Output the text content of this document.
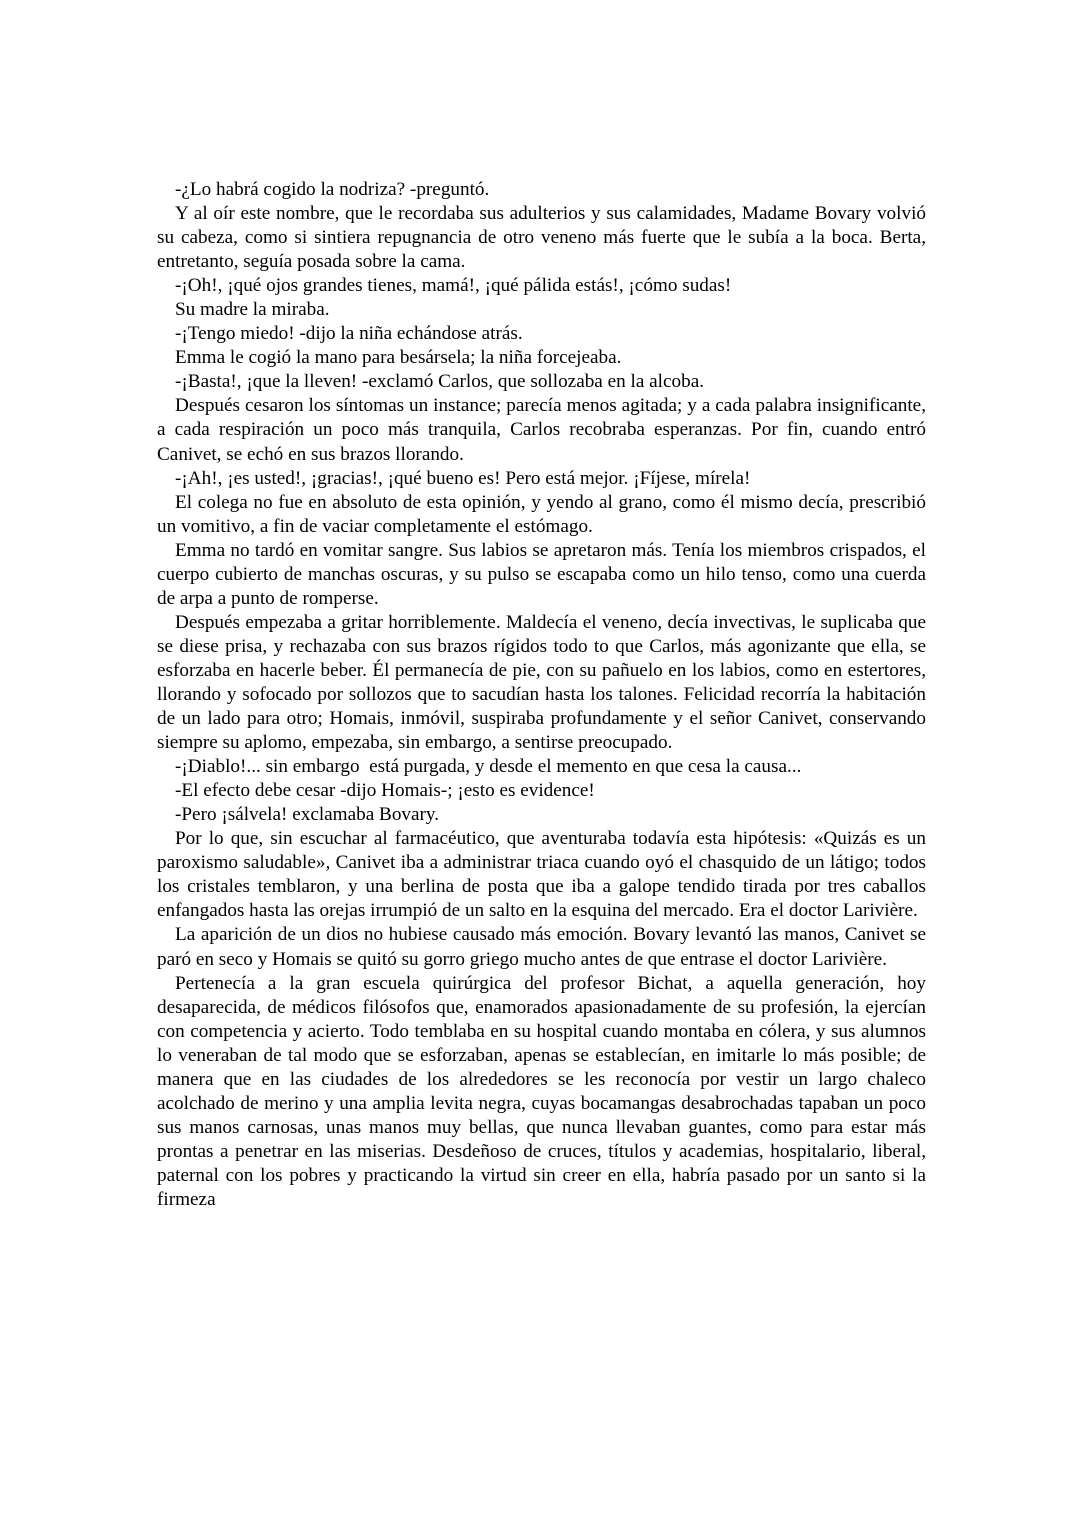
-¿Lo habrá cogido la nodriza? -preguntó.

Y al oír este nombre, que le recordaba sus adulterios y sus calamidades, Madame Bovary volvió su cabeza, como si sintiera repugnancia de otro veneno más fuerte que le subía a la boca. Berta, entretanto, seguía posada sobre la cama.

-¡Oh!, ¡qué ojos grandes tienes, mamá!, ¡qué pálida estás!, ¡cómo sudas!

Su madre la miraba.

-¡Tengo miedo! -dijo la niña echándose atrás.

Emma le cogió la mano para besársela; la niña forcejeaba.

-¡Basta!, ¡que la lleven! -exclamó Carlos, que sollozaba en la alcoba.

Después cesaron los síntomas un instance; parecía menos agitada; y a cada palabra insignificante, a cada respiración un poco más tranquila, Carlos recobraba esperanzas. Por fin, cuando entró Canivet, se echó en sus brazos llorando.

-¡Ah!, ¡es usted!, ¡gracias!, ¡qué bueno es! Pero está mejor. ¡Fíjese, mírela!

El colega no fue en absoluto de esta opinión, y yendo al grano, como él mismo decía, prescribió un vomitivo, a fin de vaciar completamente el estómago.

Emma no tardó en vomitar sangre. Sus labios se apretaron más. Tenía los miembros crispados, el cuerpo cubierto de manchas oscuras, y su pulso se escapaba como un hilo tenso, como una cuerda de arpa a punto de romperse.

Después empezaba a gritar horriblemente. Maldecía el veneno, decía invectivas, le suplicaba que se diese prisa, y rechazaba con sus brazos rígidos todo to que Carlos, más agonizante que ella, se esforzaba en hacerle beber. Él permanecía de pie, con su pañuelo en los labios, como en estertores, llorando y sofocado por sollozos que to sacudían hasta los talones. Felicidad recorría la habitación de un lado para otro; Homais, inmóvil, suspiraba profundamente y el señor Canivet, conservando siempre su aplomo, empezaba, sin embargo, a sentirse preocupado.

-¡Diablo!... sin embargo  está purgada, y desde el memento en que cesa la causa...

-El efecto debe cesar -dijo Homais-; ¡esto es evidence!

-Pero ¡sálvela! exclamaba Bovary.

Por lo que, sin escuchar al farmacéutico, que aventuraba todavía esta hipótesis: «Quizás es un paroxismo saludable», Canivet iba a administrar triaca cuando oyó el chasquido de un látigo; todos los cristales temblaron, y una berlina de posta que iba a galope tendido tirada por tres caballos enfangados hasta las orejas irrumpió de un salto en la esquina del mercado. Era el doctor Larivière.

La aparición de un dios no hubiese causado más emoción. Bovary levantó las manos, Canivet se paró en seco y Homais se quitó su gorro griego mucho antes de que entrase el doctor Larivière.

Pertenecía a la gran escuela quirúrgica del profesor Bichat, a aquella generación, hoy desaparecida, de médicos filósofos que, enamorados apasionadamente de su profesión, la ejercían con competencia y acierto. Todo temblaba en su hospital cuando montaba en cólera, y sus alumnos lo veneraban de tal modo que se esforzaban, apenas se establecían, en imitarle lo más posible; de manera que en las ciudades de los alrededores se les reconocía por vestir un largo chaleco acolchado de merino y una amplia levita negra, cuyas bocamangas desabrochadas tapaban un poco sus manos carnosas, unas manos muy bellas, que nunca llevaban guantes, como para estar más prontas a penetrar en las miserias. Desdeñoso de cruces, títulos y academias, hospitalario, liberal, paternal con los pobres y practicando la virtud sin creer en ella, habría pasado por un santo si la firmeza
